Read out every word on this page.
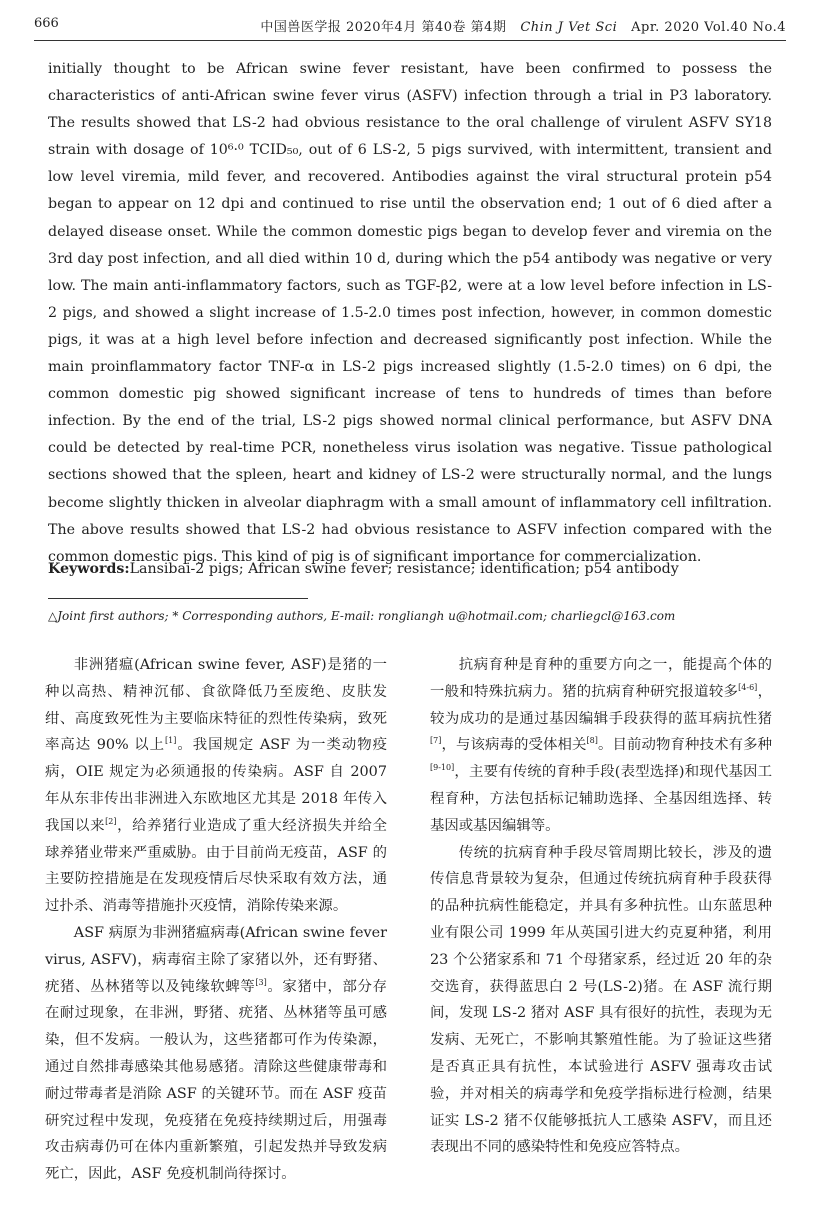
666	中国兽医学报 2020年4月 第40卷 第4期 Chin J Vet Sci Apr. 2020 Vol.40 No.4

initially thought to be African swine fever resistant, have been confirmed to possess the characteristics of anti-African swine fever virus (ASFV) infection through a trial in P3 laboratory. The results showed that LS-2 had obvious resistance to the oral challenge of virulent ASFV SY18 strain with dosage of 10⁶·⁰ TCID₅₀, out of 6 LS-2, 5 pigs survived, with intermittent, transient and low level viremia, mild fever, and recovered. Antibodies against the viral structural protein p54 began to appear on 12 dpi and continued to rise until the observation end; 1 out of 6 died after a delayed disease onset. While the common domestic pigs began to develop fever and viremia on the 3rd day post infection, and all died within 10 d, during which the p54 antibody was negative or very low. The main anti-inflammatory factors, such as TGF-β2, were at a low level before infection in LS-2 pigs, and showed a slight increase of 1.5-2.0 times post infection, however, in common domestic pigs, it was at a high level before infection and decreased significantly post infection. While the main proinflammatory factor TNF-α in LS-2 pigs increased slightly (1.5-2.0 times) on 6 dpi, the common domestic pig showed significant increase of tens to hundreds of times than before infection. By the end of the trial, LS-2 pigs showed normal clinical performance, but ASFV DNA could be detected by real-time PCR, nonetheless virus isolation was negative. Tissue pathological sections showed that the spleen, heart and kidney of LS-2 were structurally normal, and the lungs become slightly thicken in alveolar diaphragm with a small amount of inflammatory cell infiltration. The above results showed that LS-2 had obvious resistance to ASFV infection compared with the common domestic pigs. This kind of pig is of significant importance for commercialization.

Keywords:Lansibai-2 pigs; African swine fever; resistance; identification; p54 antibody
△Joint first authors; * Corresponding authors, E-mail: rongliangh u@hotmail.com; charliegcl@163.com

非洲猪瘟(African swine fever, ASF)是猪的一种以高热、精神沉郁、食欲降低乃至废绝、皮肤发绀、高度致死性为主要临床特征的烈性传染病，致死率高达 90% 以上[1]。我国规定 ASF 为一类动物疫病，OIE 规定为必须通报的传染病。ASF 自 2007 年从东非传出非洲进入东欧地区尤其是 2018 年传入我国以来[2]，给养猪行业造成了重大经济损失并给全球养猪业带来严重威胁。由于目前尚无疫苗，ASF 的主要防控措施是在发现疫情后尽快采取有效方法，通过扑杀、消毒等措施扑灭疫情，消除传染来源。

ASF 病原为非洲猪瘟病毒(African swine fever virus, ASFV)，病毒宿主除了家猪以外，还有野猪、疣猪、丛林猪等以及钝缘软蜱等[3]。家猪中，部分存在耐过现象，在非洲，野猪、疣猪、丛林猪等虽可感染，但不发病。一般认为，这些猪都可作为传染源，通过自然排毒感染其他易感猪。清除这些健康带毒和耐过带毒者是消除 ASF 的关键环节。而在 ASF 疫苗研究过程中发现，免疫猪在免疫持续期过后，用强毒攻击病毒仍可在体内重新繁殖，引起发热并导致发病死亡，因此，ASF 免疫机制尚待探讨。

抗病育种是育种的重要方向之一，能提高个体的一般和特殊抗病力。猪的抗病育种研究报道较多[4-6]，较为成功的是通过基因编辑手段获得的蓝耳病抗性猪[7]，与该病毒的受体相关[8]。目前动物育种技术有多种[9-10]，主要有传统的育种手段(表型选择)和现代基因工程育种，方法包括标记辅助选择、全基因组选择、转基因或基因编辑等。

传统的抗病育种手段尽管周期比较长，涉及的遗传信息背景较为复杂，但通过传统抗病育种手段获得的品种抗病性能稳定，并具有多种抗性。山东蓝思种业有限公司 1999 年从英国引进大约克夏种猪，利用 23 个公猪家系和 71 个母猪家系，经过近 20 年的杂交选育，获得蓝思白 2 号(LS-2)猪。在 ASF 流行期间，发现 LS-2 猪对 ASF 具有很好的抗性，表现为无发病、无死亡，不影响其繁殖性能。为了验证这些猪是否真正具有抗性，本试验进行 ASFV 强毒攻击试验，并对相关的病毒学和免疫学指标进行检测，结果证实 LS-2 猪不仅能够抵抗人工感染 ASFV，而且还表现出不同的感染特性和免疫应答特点。
